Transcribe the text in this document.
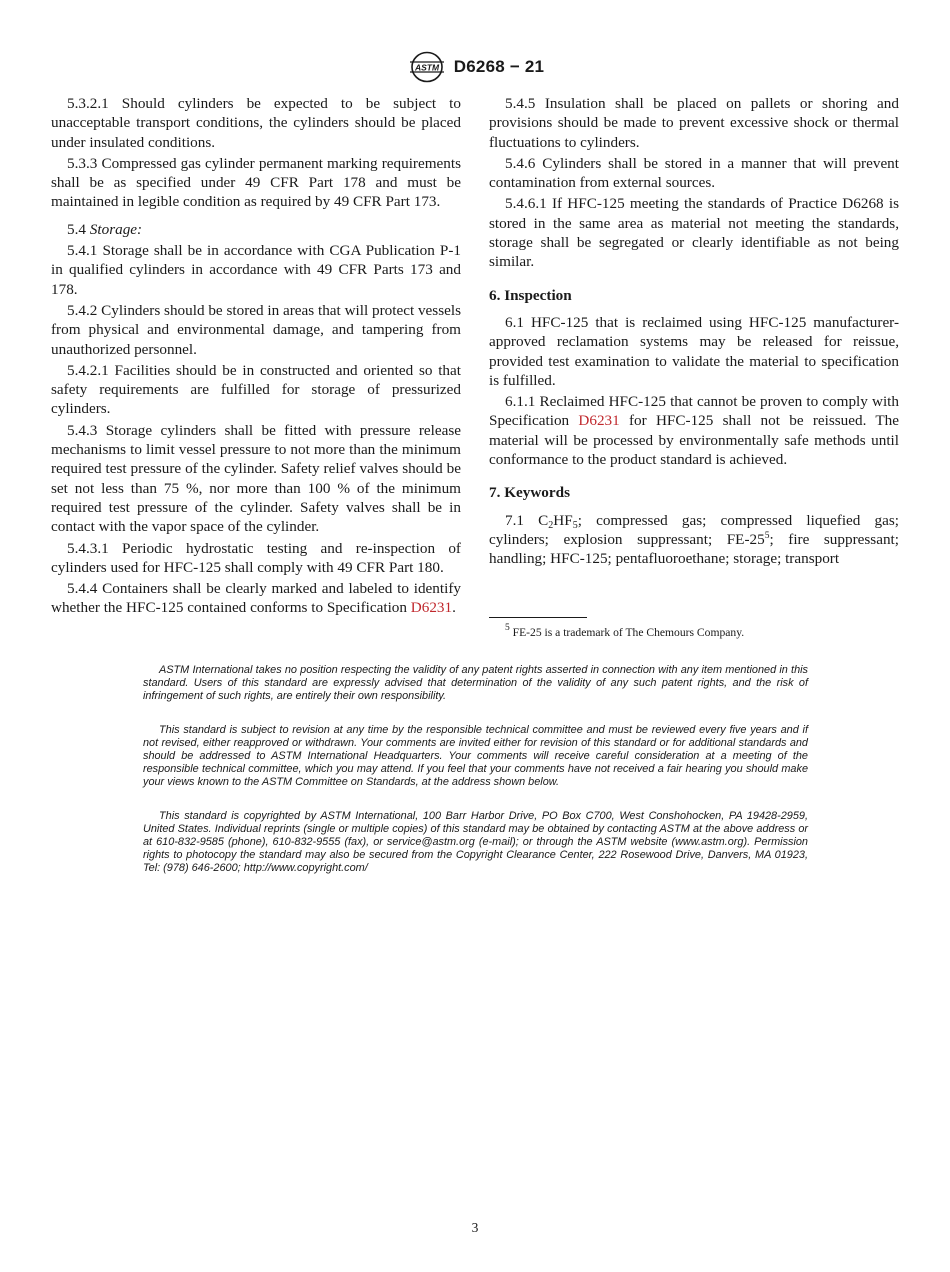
ASTM D6268 − 21

5.3.2.1 Should cylinders be expected to be subject to unacceptable transport conditions, the cylinders should be placed under insulated conditions.

5.3.3 Compressed gas cylinder permanent marking requirements shall be as specified under 49 CFR Part 178 and must be maintained in legible condition as required by 49 CFR Part 173.

5.4 Storage:

5.4.1 Storage shall be in accordance with CGA Publication P-1 in qualified cylinders in accordance with 49 CFR Parts 173 and 178.

5.4.2 Cylinders should be stored in areas that will protect vessels from physical and environmental damage, and tampering from unauthorized personnel.

5.4.2.1 Facilities should be in constructed and oriented so that safety requirements are fulfilled for storage of pressurized cylinders.

5.4.3 Storage cylinders shall be fitted with pressure release mechanisms to limit vessel pressure to not more than the minimum required test pressure of the cylinder. Safety relief valves should be set not less than 75 %, nor more than 100 % of the minimum required test pressure of the cylinder. Safety valves shall be in contact with the vapor space of the cylinder.

5.4.3.1 Periodic hydrostatic testing and re-inspection of cylinders used for HFC-125 shall comply with 49 CFR Part 180.

5.4.4 Containers shall be clearly marked and labeled to identify whether the HFC-125 contained conforms to Specification D6231.

5.4.5 Insulation shall be placed on pallets or shoring and provisions should be made to prevent excessive shock or thermal fluctuations to cylinders.

5.4.6 Cylinders shall be stored in a manner that will prevent contamination from external sources.

5.4.6.1 If HFC-125 meeting the standards of Practice D6268 is stored in the same area as material not meeting the standards, storage shall be segregated or clearly identifiable as not being similar.

6. Inspection

6.1 HFC-125 that is reclaimed using HFC-125 manufacturer-approved reclamation systems may be released for reissue, provided test examination to validate the material to specification is fulfilled.

6.1.1 Reclaimed HFC-125 that cannot be proven to comply with Specification D6231 for HFC-125 shall not be reissued. The material will be processed by environmentally safe methods until conformance to the product standard is achieved.

7. Keywords

7.1 $C_2HF_5$; compressed gas; compressed liquefied gas; cylinders; explosion suppressant; $FE-25^5$; fire suppressant; handling; HFC-125; pentafluoroethane; storage; transport

$^5$ FE-25 is a trademark of The Chemours Company.

ASTM International takes no position respecting the validity of any patent rights asserted in connection with any item mentioned in this standard. Users of this standard are expressly advised that determination of the validity of any such patent rights, and the risk of infringement of such rights, are entirely their own responsibility.

This standard is subject to revision at any time by the responsible technical committee and must be reviewed every five years and if not revised, either reapproved or withdrawn. Your comments are invited either for revision of this standard or for additional standards and should be addressed to ASTM International Headquarters. Your comments will receive careful consideration at a meeting of the responsible technical committee, which you may attend. If you feel that your comments have not received a fair hearing you should make your views known to the ASTM Committee on Standards, at the address shown below.

This standard is copyrighted by ASTM International, 100 Barr Harbor Drive, PO Box C700, West Conshohocken, PA 19428-2959, United States. Individual reprints (single or multiple copies) of this standard may be obtained by contacting ASTM at the above address or at 610-832-9585 (phone), 610-832-9555 (fax), or service@astm.org (e-mail); or through the ASTM website (www.astm.org). Permission rights to photocopy the standard may also be secured from the Copyright Clearance Center, 222 Rosewood Drive, Danvers, MA 01923, Tel: (978) 646-2600; http://www.copyright.com/

3
